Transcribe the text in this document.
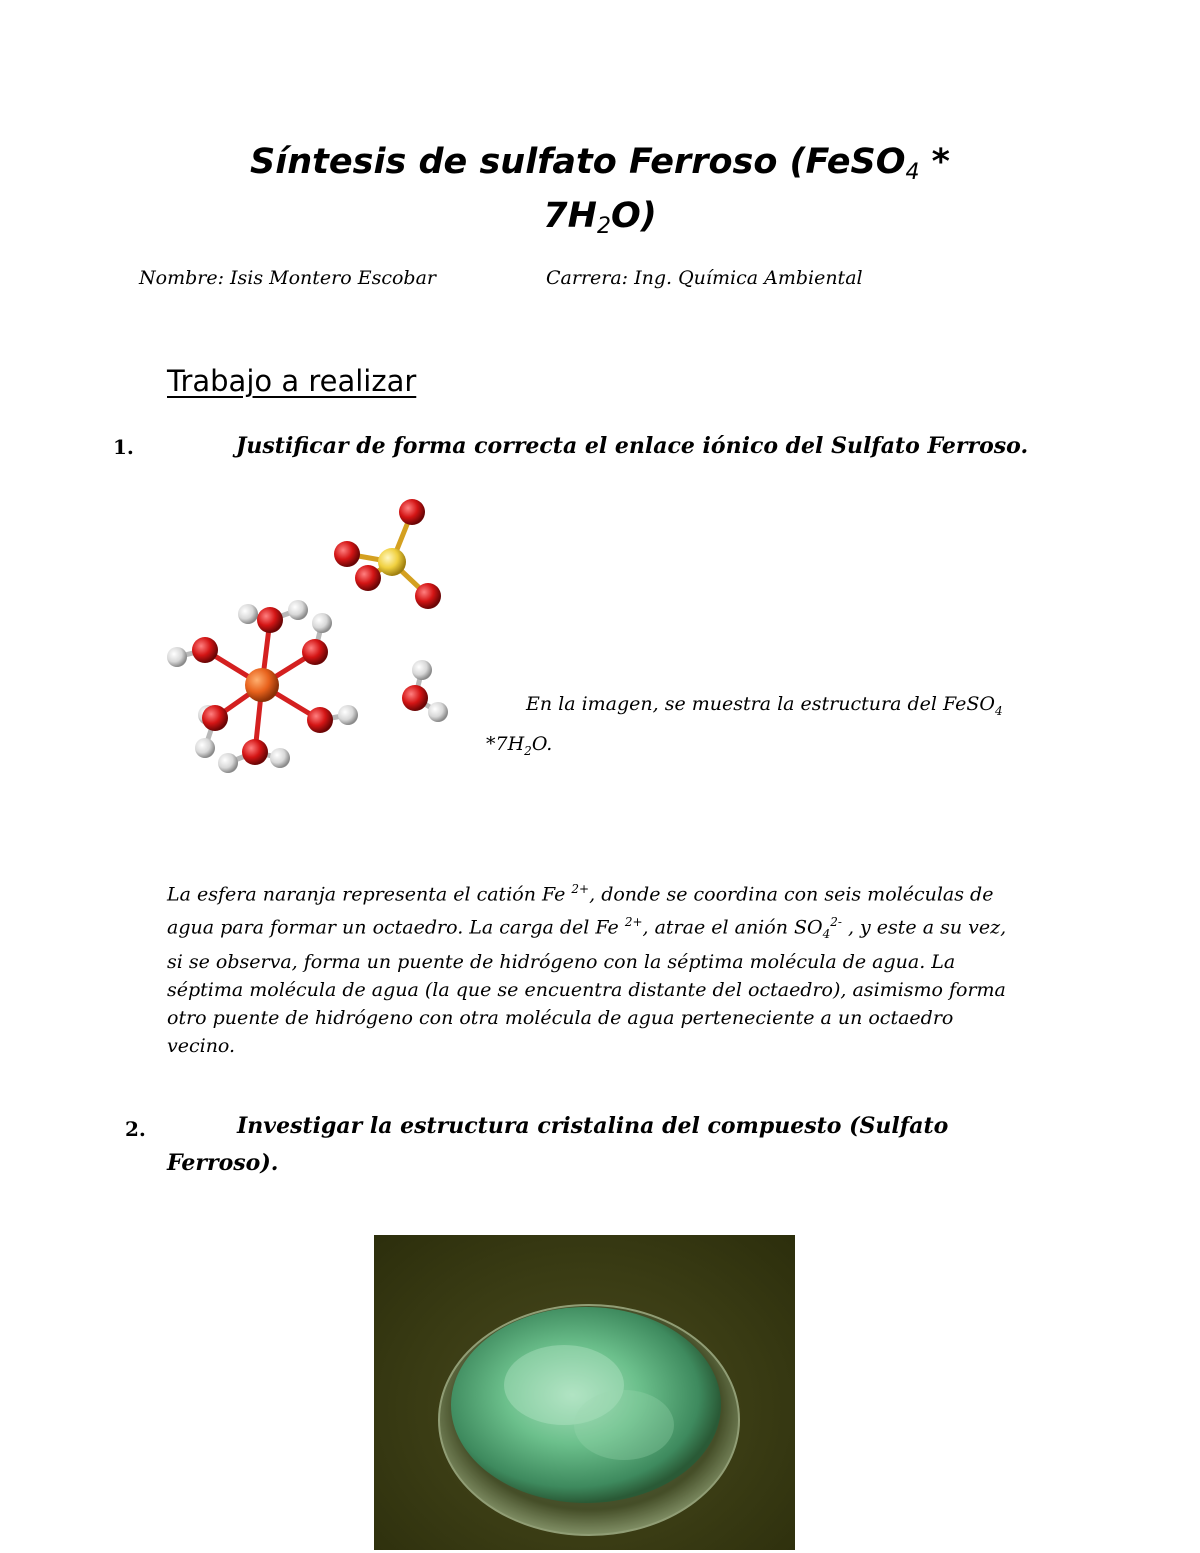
Síntesis de sulfato Ferroso (FeSO$_4$ *
$7H_2O$)
Nombre: Isis Montero Escobar	Carrera: Ing. Química Ambiental
Trabajo a realizar
1.	Justificar de forma correcta el enlace iónico del Sulfato Ferroso.
En la imagen, se muestra la estructura del FeSO$_4$
$*7H_2O$.
La esfera naranja representa el catión Fe $^{2+}$, donde se coordina con seis moléculas de agua para formar un octaedro. La carga del Fe $^{2+}$, atrae el anión $SO_4^{2-}$ , y este a su vez, si se observa, forma un puente de hidrógeno con la séptima molécula de agua. La séptima molécula de agua (la que se encuentra distante del octaedro), asimismo forma otro puente de hidrógeno con otra molécula de agua perteneciente a un octaedro vecino.
2.	Investigar la estructura cristalina del compuesto (Sulfato
Ferroso).
